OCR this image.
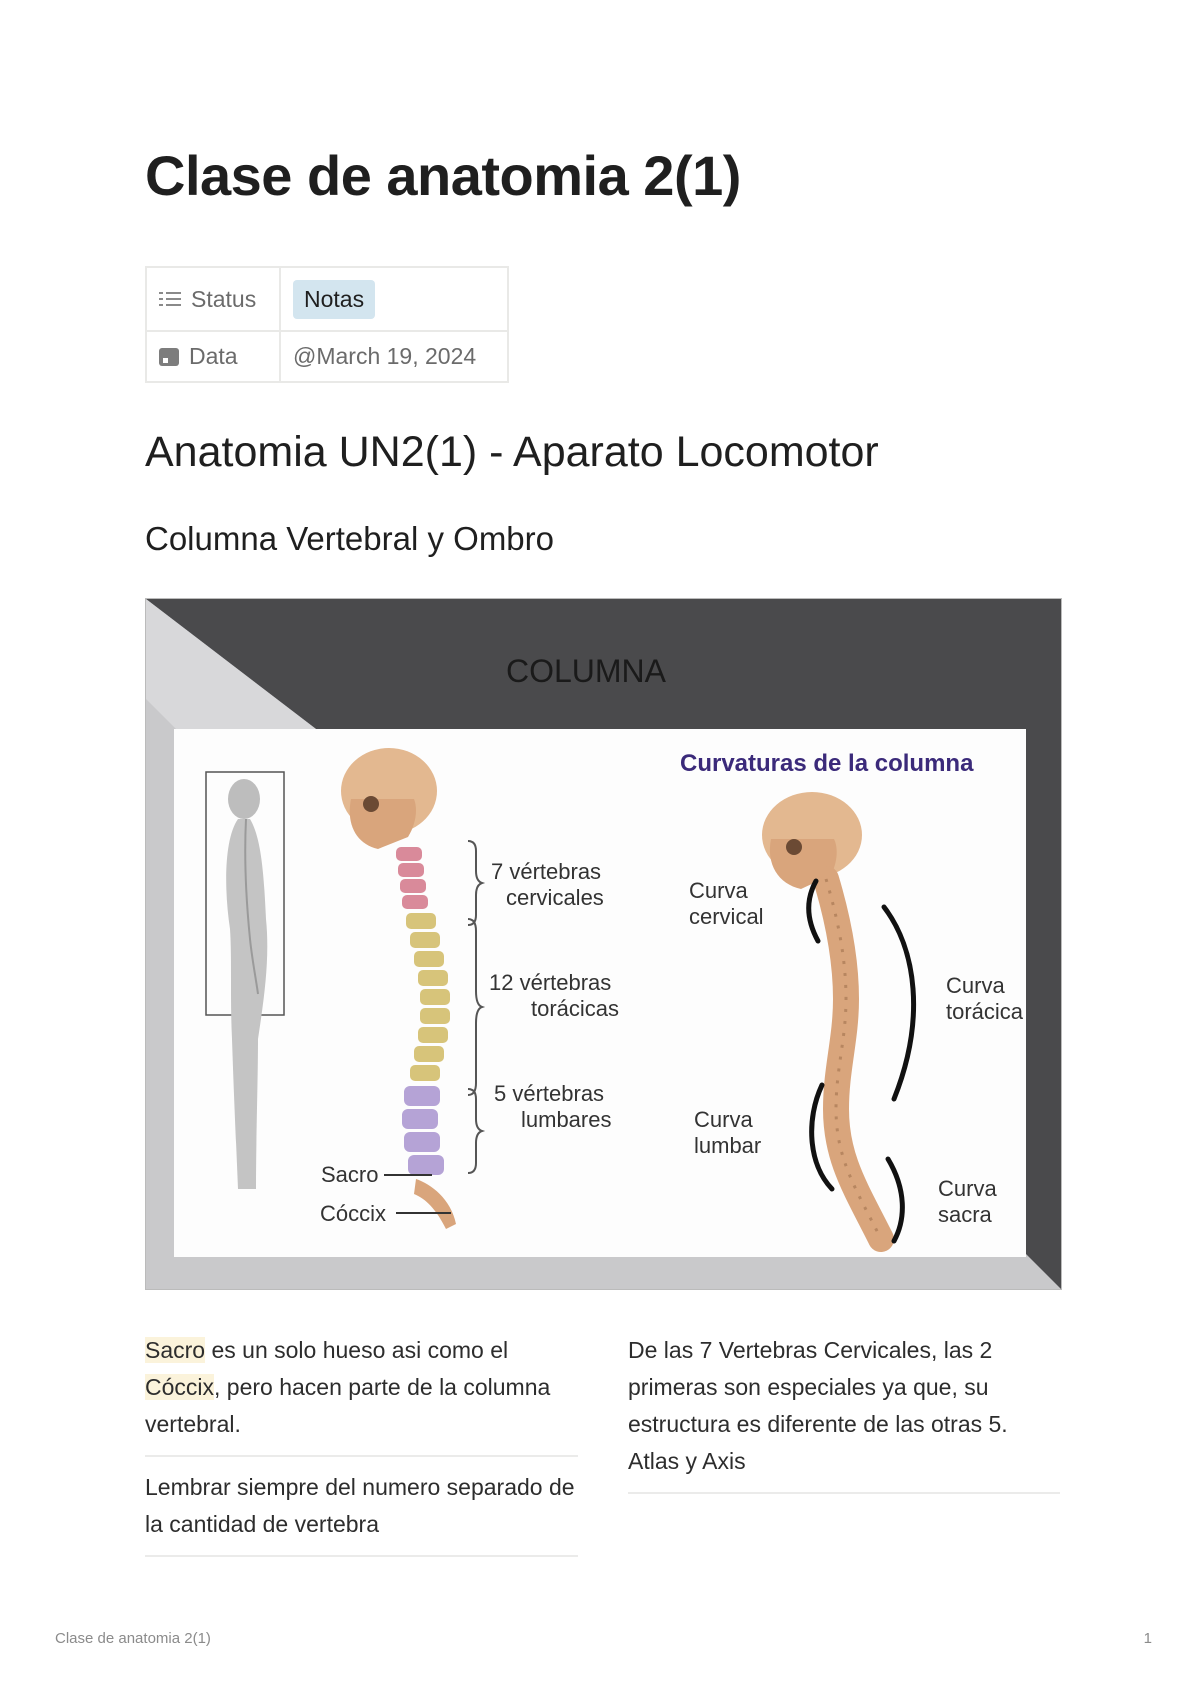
Clase de anatomia 2(1)
Status	Notas

Data	@March 19, 2024
Anatomia UN2(1) - Aparato Locomotor
Columna Vertebral y Ombro
COLUMNA
7 vértebras
cervicales
12 vértebras
torácicas
5 vértebras
lumbares
Sacro
Cóccix
Curvaturas de la columna
Curva
cervical
Curva
torácica
Curva
lumbar
Curva
sacra
Sacro es un solo hueso asi como el Cóccix, pero hacen parte de la columna vertebral.
Lembrar siempre del numero separado de la cantidad de vertebra
De las 7 Vertebras Cervicales, las 2 primeras son especiales ya que, su estructura es diferente de las otras 5. Atlas y Axis
Clase de anatomia 2(1)	1
